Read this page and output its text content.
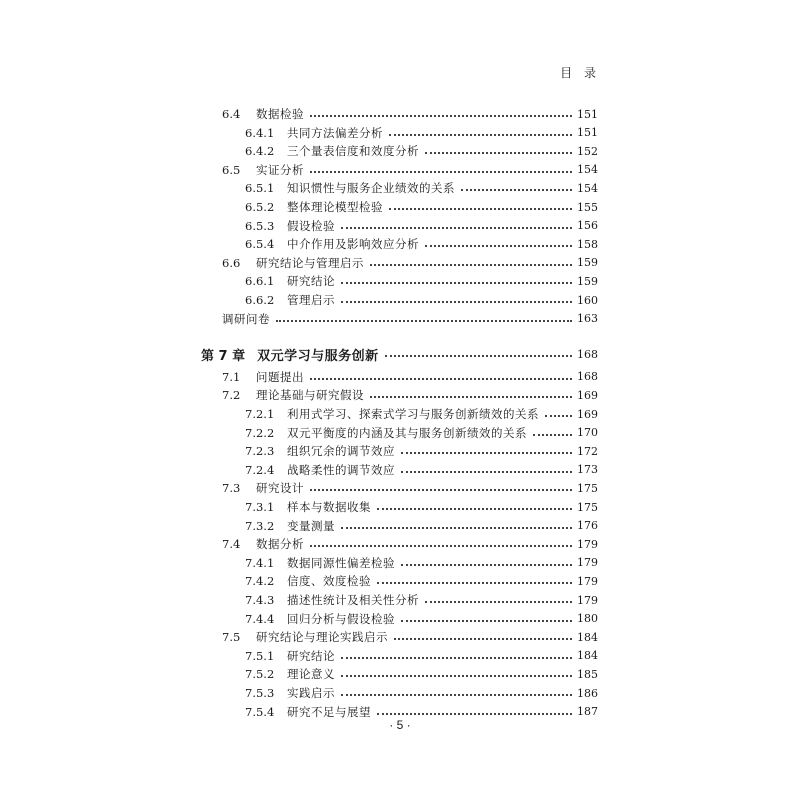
目 录
6.4	数据检验	151
6.4.1	共同方法偏差分析	151
6.4.2	三个量表信度和效度分析	152
6.5	实证分析	154
6.5.1	知识惯性与服务企业绩效的关系	154
6.5.2	整体理论模型检验	155
6.5.3	假设检验	156
6.5.4	中介作用及影响效应分析	158
6.6	研究结论与管理启示	159
6.6.1	研究结论	159
6.6.2	管理启示	160
调研问卷	163
第 7 章 双元学习与服务创新	168
7.1	问题提出	168
7.2	理论基础与研究假设	169
7.2.1	利用式学习、探索式学习与服务创新绩效的关系	169
7.2.2	双元平衡度的内涵及其与服务创新绩效的关系	170
7.2.3	组织冗余的调节效应	172
7.2.4	战略柔性的调节效应	173
7.3	研究设计	175
7.3.1	样本与数据收集	175
7.3.2	变量测量	176
7.4	数据分析	179
7.4.1	数据同源性偏差检验	179
7.4.2	信度、效度检验	179
7.4.3	描述性统计及相关性分析	179
7.4.4	回归分析与假设检验	180
7.5	研究结论与理论实践启示	184
7.5.1	研究结论	184
7.5.2	理论意义	185
7.5.3	实践启示	186
7.5.4	研究不足与展望	187
· 5 ·
